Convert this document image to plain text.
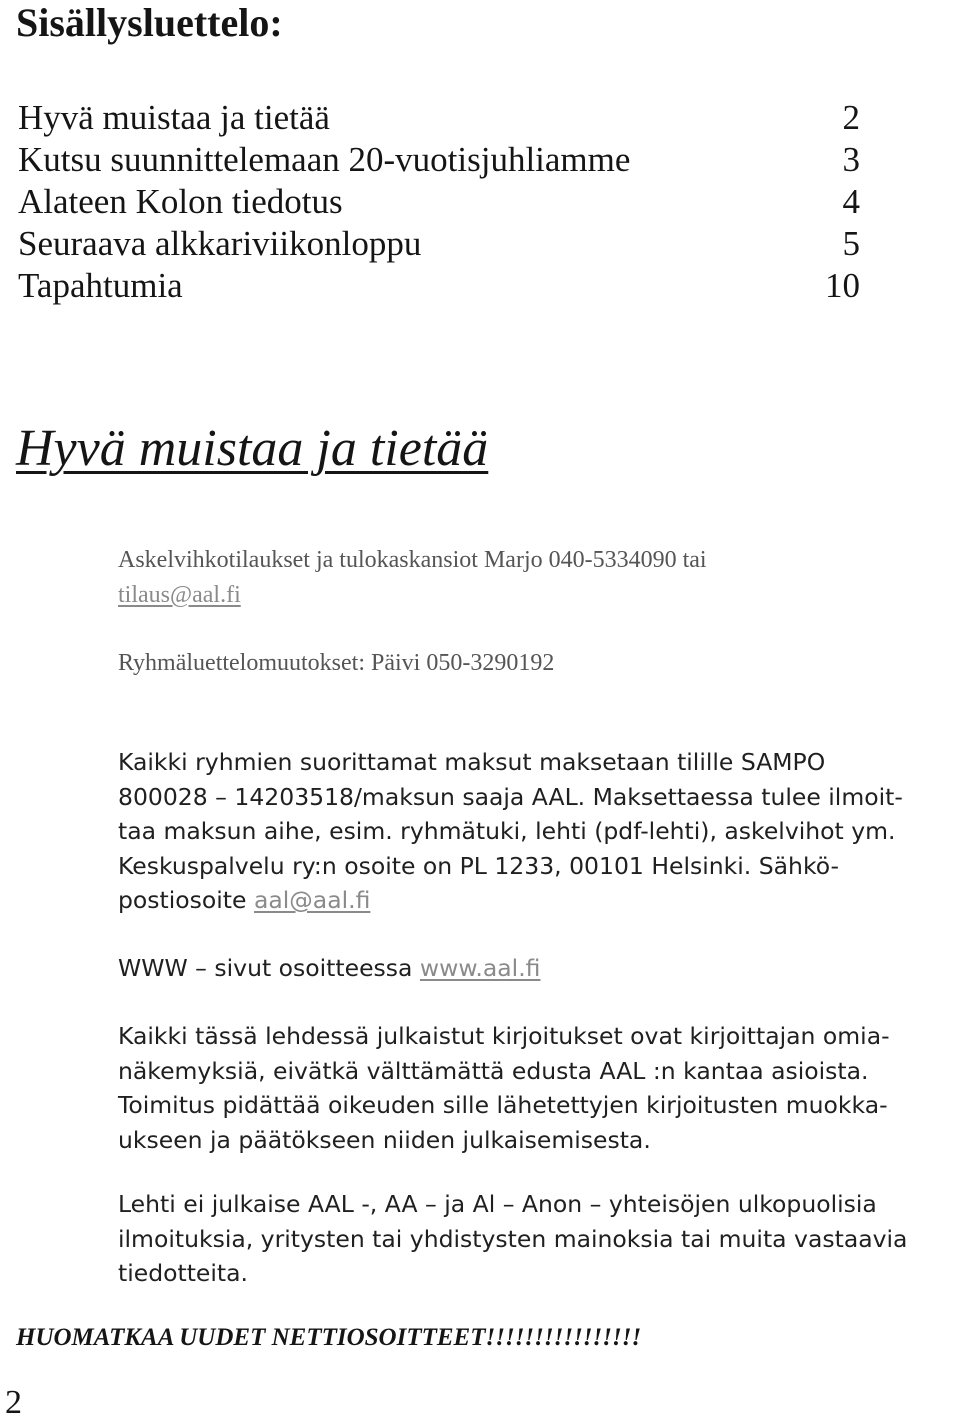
Sisällysluettelo:
Hyvä muistaa ja tietää	2
Kutsu suunnittelemaan 20-vuotisjuhliamme	3
Alateen Kolon tiedotus	4
Seuraava alkkariviikonloppu	5
Tapahtumia	10
Hyvä muistaa ja tietää

Askelvihkotilaukset ja tulokaskansiot Marjo 040-5334090 tai
tilaus@aal.fi

Ryhmäluettelomuutokset: Päivi 050-3290192

Kaikki ryhmien suorittamat maksut maksetaan tilille SAMPO
800028 – 14203518/maksun saaja AAL. Maksettaessa tulee ilmoit-
taa maksun aihe, esim. ryhmätuki, lehti (pdf-lehti), askelvihot ym.
Keskuspalvelu ry:n osoite on PL 1233, 00101 Helsinki. Sähkö-
postiosoite aal@aal.fi
WWW – sivut osoitteessa www.aal.fi
Kaikki tässä lehdessä julkaistut kirjoitukset ovat kirjoittajan omia-
näkemyksiä, eivätkä välttämättä edusta AAL :n kantaa asioista.
Toimitus pidättää oikeuden sille lähetettyjen kirjoitusten muokka-
ukseen ja päätökseen niiden julkaisemisesta.
Lehti ei julkaise AAL -, AA – ja Al – Anon – yhteisöjen ulkopuolisia
ilmoituksia, yritysten tai yhdistysten mainoksia tai muita vastaavia
tiedotteita.

HUOMATKAA UUDET NETTIOSOITTEET!!!!!!!!!!!!!!!!

2
